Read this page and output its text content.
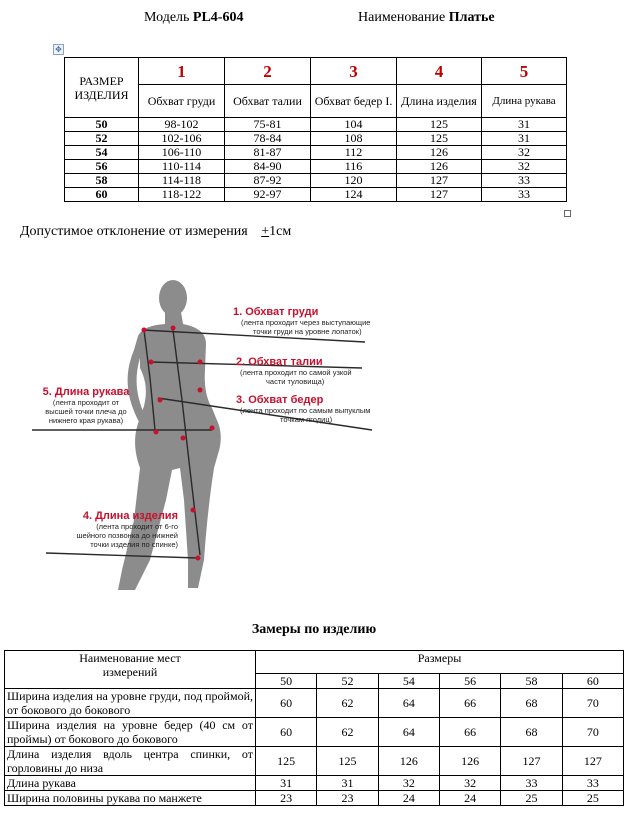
Модель PL4-604	Наименование Платье
✥
РАЗМЕР ИЗДЕЛИЯ	1	2	3	4	5
	Обхват груди	Обхват талии	Обхват бедер I.	Длина изделия	Длина рукава
50	98-102	75-81	104	125	31
52	102-106	78-84	108	125	31
54	106-110	81-87	112	126	32
56	110-114	84-90	116	126	32
58	114-118	87-92	120	127	33
60	118-122	92-97	124	127	33
Допустимое отклонение от измерения +1см
1. Обхват груди
(лента проходит через выступающие
точки груди на уровне лопаток)
2. Обхват талии
(лента проходит по самой узкой
части туловища)
3. Обхват бедер
(лента проходит по самым выпуклым
точкам ягодиц)
5. Длина рукава
(лента проходит от
высшей точки плеча до
нижнего края рукава)
4. Длина изделия
(лента проходит от 6-го
шейного позвонка до нижней
точки изделия по спинке)
Замеры по изделию
Наименование мест измерений	Размеры					
	50	52	54	56	58	60
Ширина изделия на уровне груди, под проймой, от бокового до бокового	60	62	64	66	68	70
Ширина изделия на уровне бедер (40 см от проймы) от бокового до бокового	60	62	64	66	68	70
Длина изделия вдоль центра спинки, от горловины до низа	125	125	126	126	127	127
Длина рукава	31	31	32	32	33	33
Ширина половины рукава по манжете	23	23	24	24	25	25
